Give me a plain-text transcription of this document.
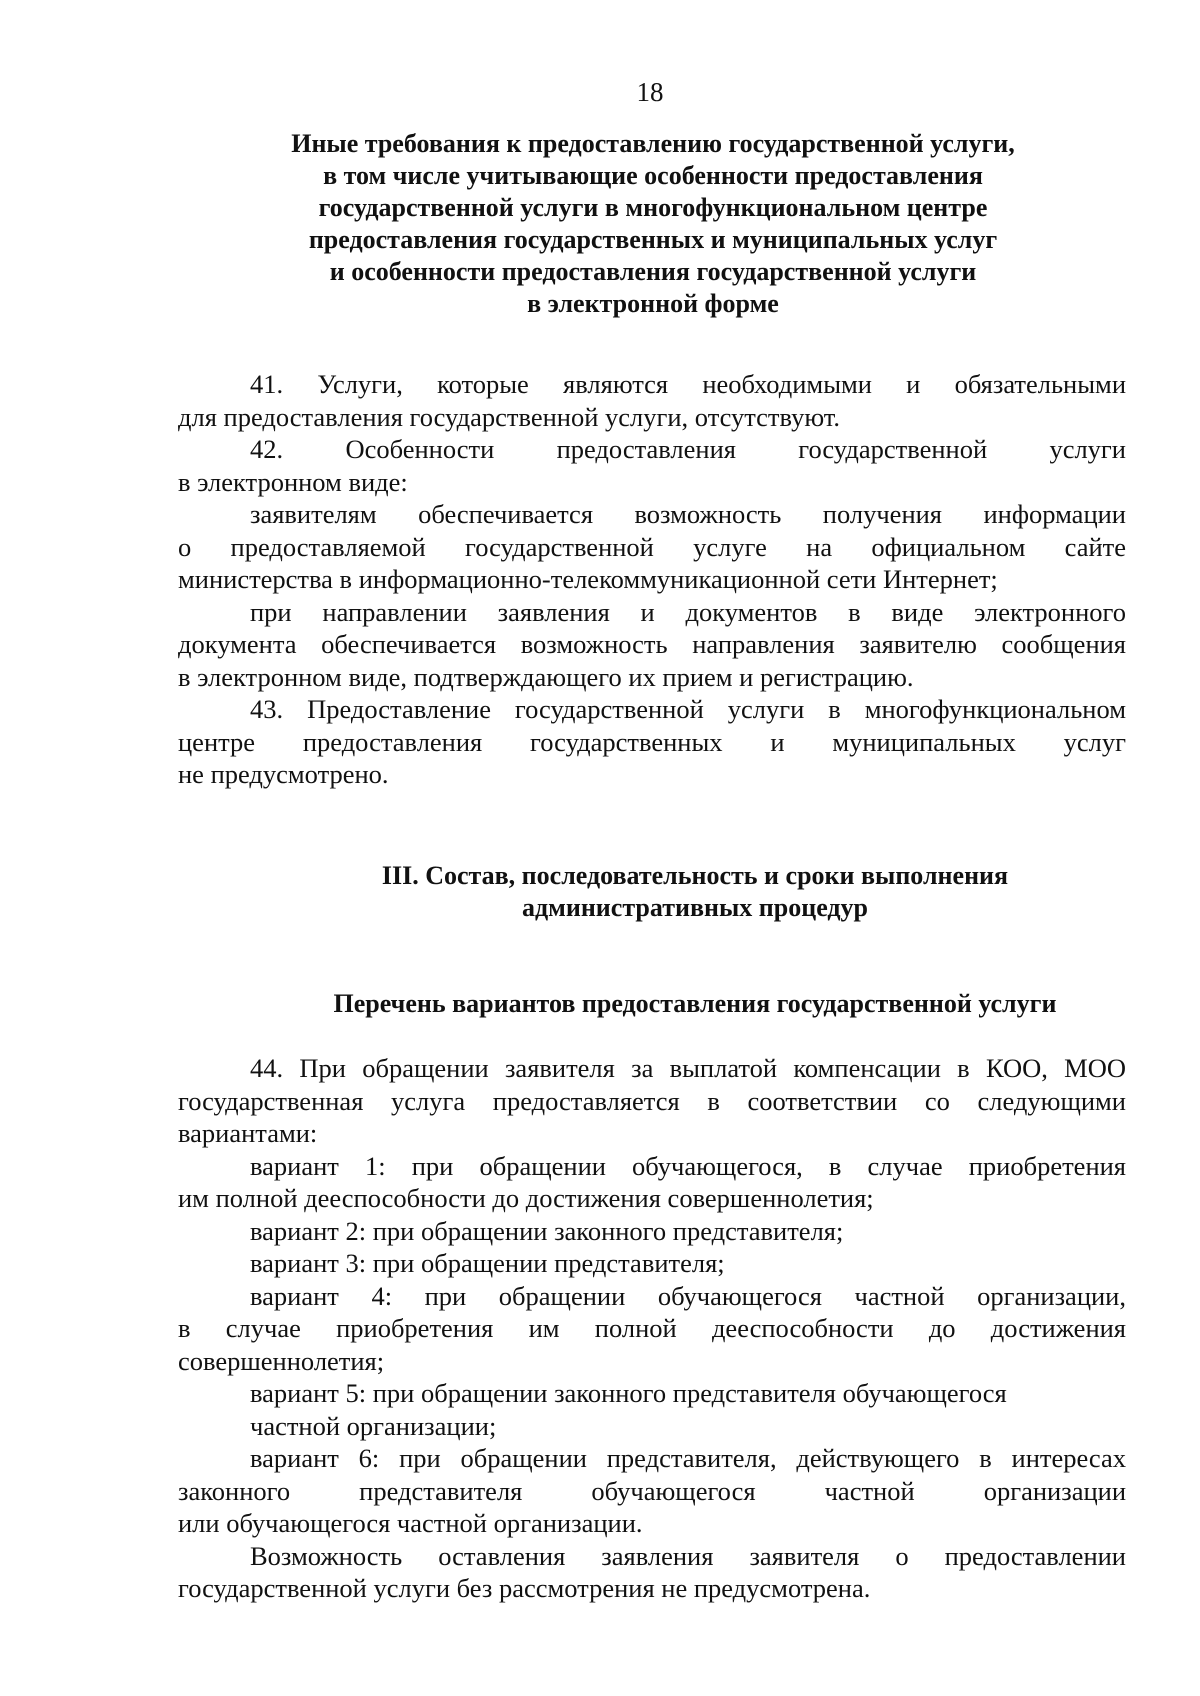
18
Иные требования к предоставлению государственной услуги,
в том числе учитывающие особенности предоставления
государственной услуги в многофункциональном центре
предоставления государственных и муниципальных услуг
и особенности предоставления государственной услуги
в электронной форме
41. Услуги, которые являются необходимыми и обязательными
для предоставления государственной услуги, отсутствуют.
42. Особенности предоставления государственной услуги
в электронном виде:
заявителям обеспечивается возможность получения информации
о предоставляемой государственной услуге на официальном сайте
министерства в информационно-телекоммуникационной сети Интернет;
при направлении заявления и документов в виде электронного
документа обеспечивается возможность направления заявителю сообщения
в электронном виде, подтверждающего их прием и регистрацию.
43. Предоставление государственной услуги в многофункциональном
центре предоставления государственных и муниципальных услуг
не предусмотрено.
III. Состав, последовательность и сроки выполнения
административных процедур
Перечень вариантов предоставления государственной услуги
44. При обращении заявителя за выплатой компенсации в КОО, МОО
государственная услуга предоставляется в соответствии со следующими
вариантами:
вариант 1: при обращении обучающегося, в случае приобретения
им полной дееспособности до достижения совершеннолетия;
вариант 2: при обращении законного представителя;
вариант 3: при обращении представителя;
вариант 4: при обращении обучающегося частной организации,
в случае приобретения им полной дееспособности до достижения
совершеннолетия;
вариант 5: при обращении законного представителя обучающегося
частной организации;
вариант 6: при обращении представителя, действующего в интересах
законного представителя обучающегося частной организации
или обучающегося частной организации.
Возможность оставления заявления заявителя о предоставлении
государственной услуги без рассмотрения не предусмотрена.
